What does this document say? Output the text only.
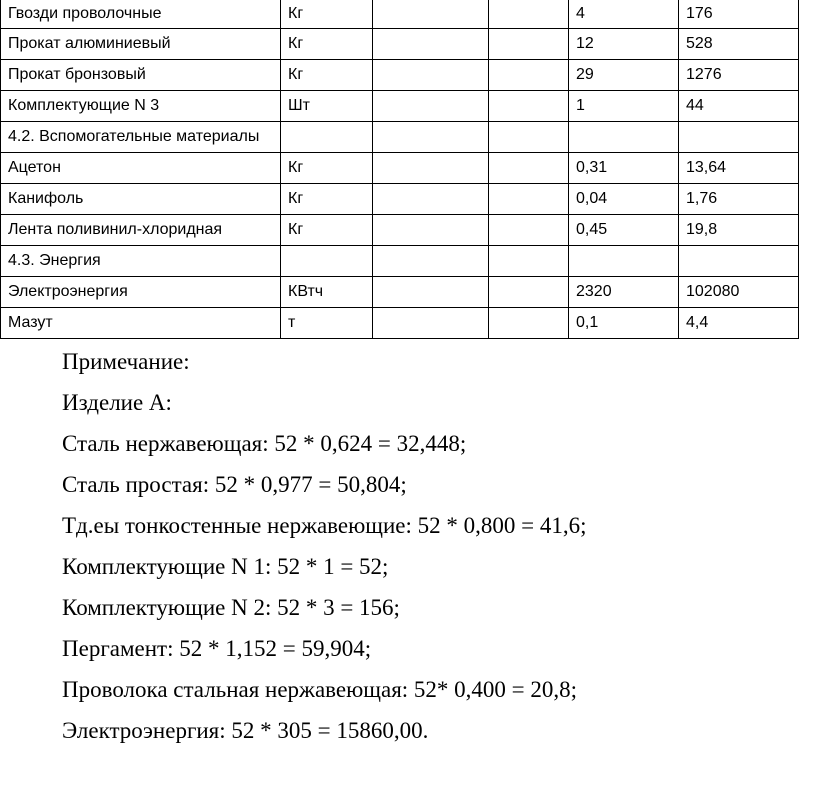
Гвозди проволочные	Кг			4	176
Прокат алюминиевый	Кг			12	528
Прокат бронзовый	Кг			29	1276
Комплектующие N 3	Шт			1	44
4.2. Вспомогательные материалы					
Ацетон	Кг			0,31	13,64
Канифоль	Кг			0,04	1,76
Лента поливинил-хлоридная	Кг			0,45	19,8
4.3. Энергия					
Электроэнергия	КВтч			2320	102080
Мазут	т			0,1	4,4

Примечание:

Изделие А:

Сталь нержавеющая: 52 * 0,624 = 32,448;

Сталь простая: 52 * 0,977 = 50,804;

Тд.еы тонкостенные нержавеющие: 52 * 0,800 = 41,6;

Комплектующие N 1: 52 * 1 = 52;

Комплектующие N 2: 52 * 3 = 156;

Пергамент: 52 * 1,152 = 59,904;

Проволока стальная нержавеющая: 52* 0,400 = 20,8;

Электроэнергия: 52 * 305 = 15860,00.
